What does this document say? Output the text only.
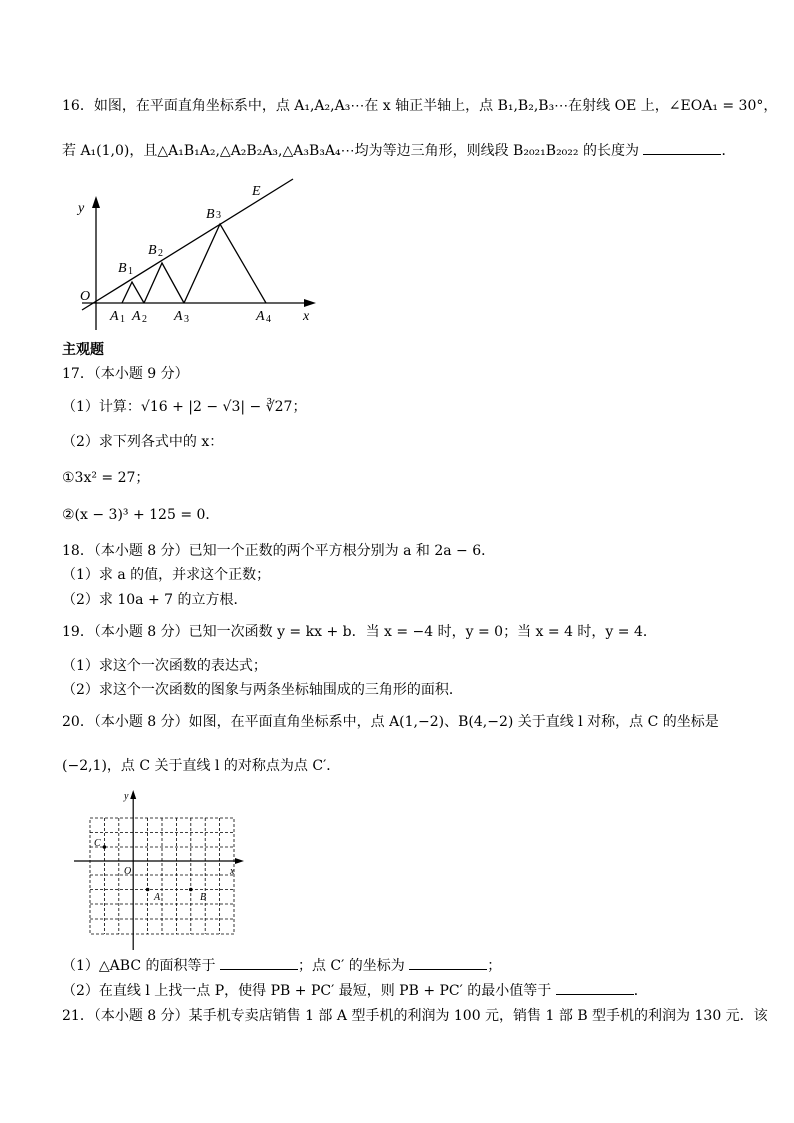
16．如图，在平面直角坐标系中，点 A₁,A₂,A₃⋯在 x 轴正半轴上，点 B₁,B₂,B₃⋯在射线 OE 上，∠EOA₁ = 30°，
若 A₁(1,0)，且△A₁B₁A₂,△A₂B₂A₃,△A₃B₃A₄⋯均为等边三角形，则线段 B₂₀₂₁B₂₀₂₂ 的长度为	．
y
x
O
E
B
B
B
A A A	A
1
2
3
1 2	3	4
主观题
17．（本小题 9 分）
（1）计算：√16 + |2 − √3| − ∛27；
（2）求下列各式中的 x：
①3x² = 27；
②(x − 3)³ + 125 = 0．
18．（本小题 8 分）已知一个正数的两个平方根分别为 a 和 2a − 6．
（1）求 a 的值，并求这个正数；
（2）求 10a + 7 的立方根．
19．（本小题 8 分）已知一次函数 y = kx + b．当 x = −4 时，y = 0；当 x = 4 时，y = 4．
（1）求这个一次函数的表达式；
（2）求这个一次函数的图象与两条坐标轴围成的三角形的面积．
20．（本小题 8 分）如图，在平面直角坐标系中，点 A(1,−2)、B(4,−2) 关于直线 l 对称，点 C 的坐标是
(−2,1)，点 C 关于直线 l 的对称点为点 C′．
y
x
O
C
A	B
（1）△ABC 的面积等于	；点 C′ 的坐标为	；
（2）在直线 l 上找一点 P，使得 PB + PC′ 最短，则 PB + PC′ 的最小值等于	．
21．（本小题 8 分）某手机专卖店销售 1 部 A 型手机的利润为 100 元，销售 1 部 B 型手机的利润为 130 元．该
